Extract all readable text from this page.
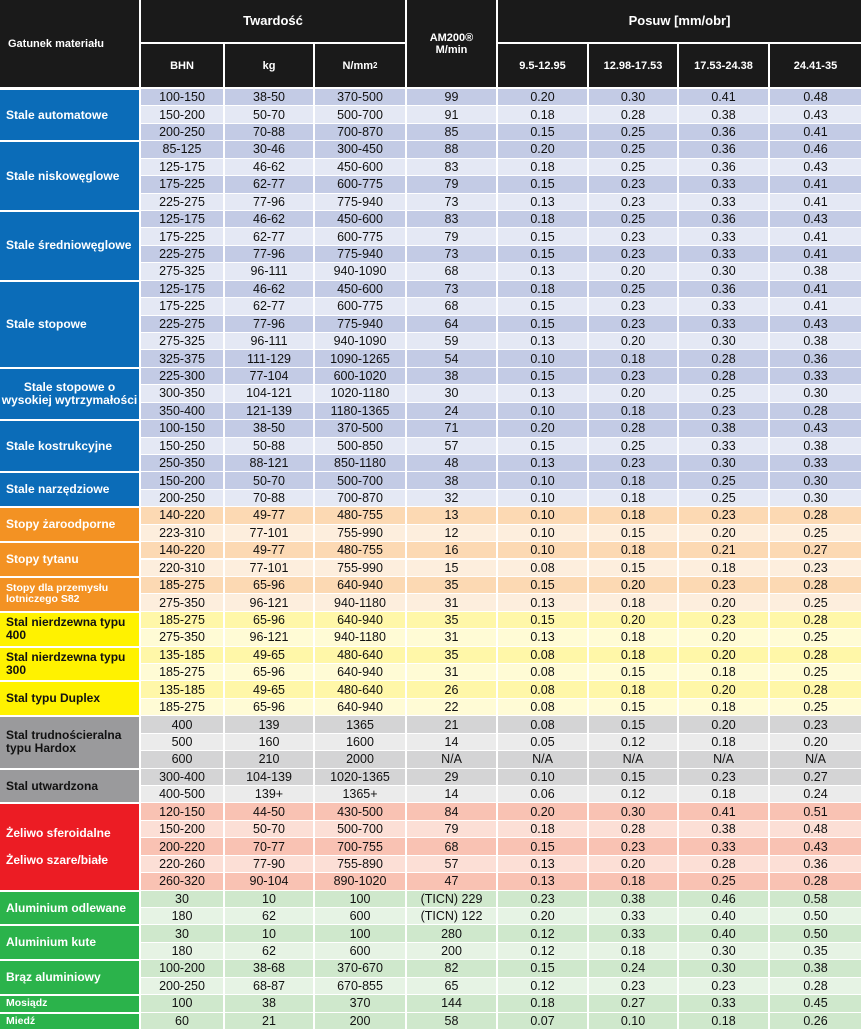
Gatunek materiału
Twardość
BHN	kg	N/mm 2
AM200®
M/min
Posuw [mm/obr]
9.5-12.95	12.98-17.53	17.53-24.38	24.41-35
Stale automatowe
100-150	38-50	370-500	99	0.20	0.30	0.41	0.48
150-200	50-70	500-700	91	0.18	0.28	0.38	0.43
200-250	70-88	700-870	85	0.15	0.25	0.36	0.41
Stale niskowęglowe
85-125	30-46	300-450	88	0.20	0.25	0.36	0.46
125-175	46-62	450-600	83	0.18	0.25	0.36	0.43
175-225	62-77	600-775	79	0.15	0.23	0.33	0.41
225-275	77-96	775-940	73	0.13	0.23	0.33	0.41
Stale średniowęglowe
125-175	46-62	450-600	83	0.18	0.25	0.36	0.43
175-225	62-77	600-775	79	0.15	0.23	0.33	0.41
225-275	77-96	775-940	73	0.15	0.23	0.33	0.41
275-325	96-111	940-1090	68	0.13	0.20	0.30	0.38
Stale stopowe
125-175	46-62	450-600	73	0.18	0.25	0.36	0.41
175-225	62-77	600-775	68	0.15	0.23	0.33	0.41
225-275	77-96	775-940	64	0.15	0.23	0.33	0.43
275-325	96-111	940-1090	59	0.13	0.20	0.30	0.38
325-375	111-129	1090-1265	54	0.10	0.18	0.28	0.36
Stale stopowe o wysokiej wytrzymałości
225-300	77-104	600-1020	38	0.15	0.23	0.28	0.33
300-350	104-121	1020-1180	30	0.13	0.20	0.25	0.30
350-400	121-139	1180-1365	24	0.10	0.18	0.23	0.28
Stale kostrukcyjne
100-150	38-50	370-500	71	0.20	0.28	0.38	0.43
150-250	50-88	500-850	57	0.15	0.25	0.33	0.38
250-350	88-121	850-1180	48	0.13	0.23	0.30	0.33
Stale narzędziowe
150-200	50-70	500-700	38	0.10	0.18	0.25	0.30
200-250	70-88	700-870	32	0.10	0.18	0.25	0.30
Stopy żaroodporne
140-220	49-77	480-755	13	0.10	0.18	0.23	0.28
223-310	77-101	755-990	12	0.10	0.15	0.20	0.25
Stopy tytanu
140-220	49-77	480-755	16	0.10	0.18	0.21	0.27
220-310	77-101	755-990	15	0.08	0.15	0.18	0.23
Stopy dla przemysłu lotniczego S82
185-275	65-96	640-940	35	0.15	0.20	0.23	0.28
275-350	96-121	940-1180	31	0.13	0.18	0.20	0.25
Stal nierdzewna typu 400
185-275	65-96	640-940	35	0.15	0.20	0.23	0.28
275-350	96-121	940-1180	31	0.13	0.18	0.20	0.25
Stal nierdzewna typu 300
135-185	49-65	480-640	35	0.08	0.18	0.20	0.28
185-275	65-96	640-940	31	0.08	0.15	0.18	0.25
Stal typu Duplex
135-185	49-65	480-640	26	0.08	0.18	0.20	0.28
185-275	65-96	640-940	22	0.08	0.15	0.18	0.25
Stal trudnościeralna typu Hardox
400	139	1365	21	0.08	0.15	0.20	0.23
500	160	1600	14	0.05	0.12	0.18	0.20
600	210	2000	N/A	N/A	N/A	N/A	N/A
Stal utwardzona
300-400	104-139	1020-1365	29	0.10	0.15	0.23	0.27
400-500	139+	1365+	14	0.06	0.12	0.18	0.24
Żeliwo sferoidalne
Żeliwo szare/białe
120-150	44-50	430-500	84	0.20	0.30	0.41	0.51
150-200	50-70	500-700	79	0.18	0.28	0.38	0.48
200-220	70-77	700-755	68	0.15	0.23	0.33	0.43
220-260	77-90	755-890	57	0.13	0.20	0.28	0.36
260-320	90-104	890-1020	47	0.13	0.18	0.25	0.28
Aluminium odlewane
30	10	100	(TICN) 229	0.23	0.38	0.46	0.58
180	62	600	(TICN) 122	0.20	0.33	0.40	0.50
Aluminium kute
30	10	100	280	0.12	0.33	0.40	0.50
180	62	600	200	0.12	0.18	0.30	0.35
Brąz aluminiowy
100-200	38-68	370-670	82	0.15	0.24	0.30	0.38
200-250	68-87	670-855	65	0.12	0.23	0.23	0.28
Mosiądz	100	38	370	144	0.18	0.27	0.33	0.45
Miedź	60	21	200	58	0.07	0.10	0.18	0.26
